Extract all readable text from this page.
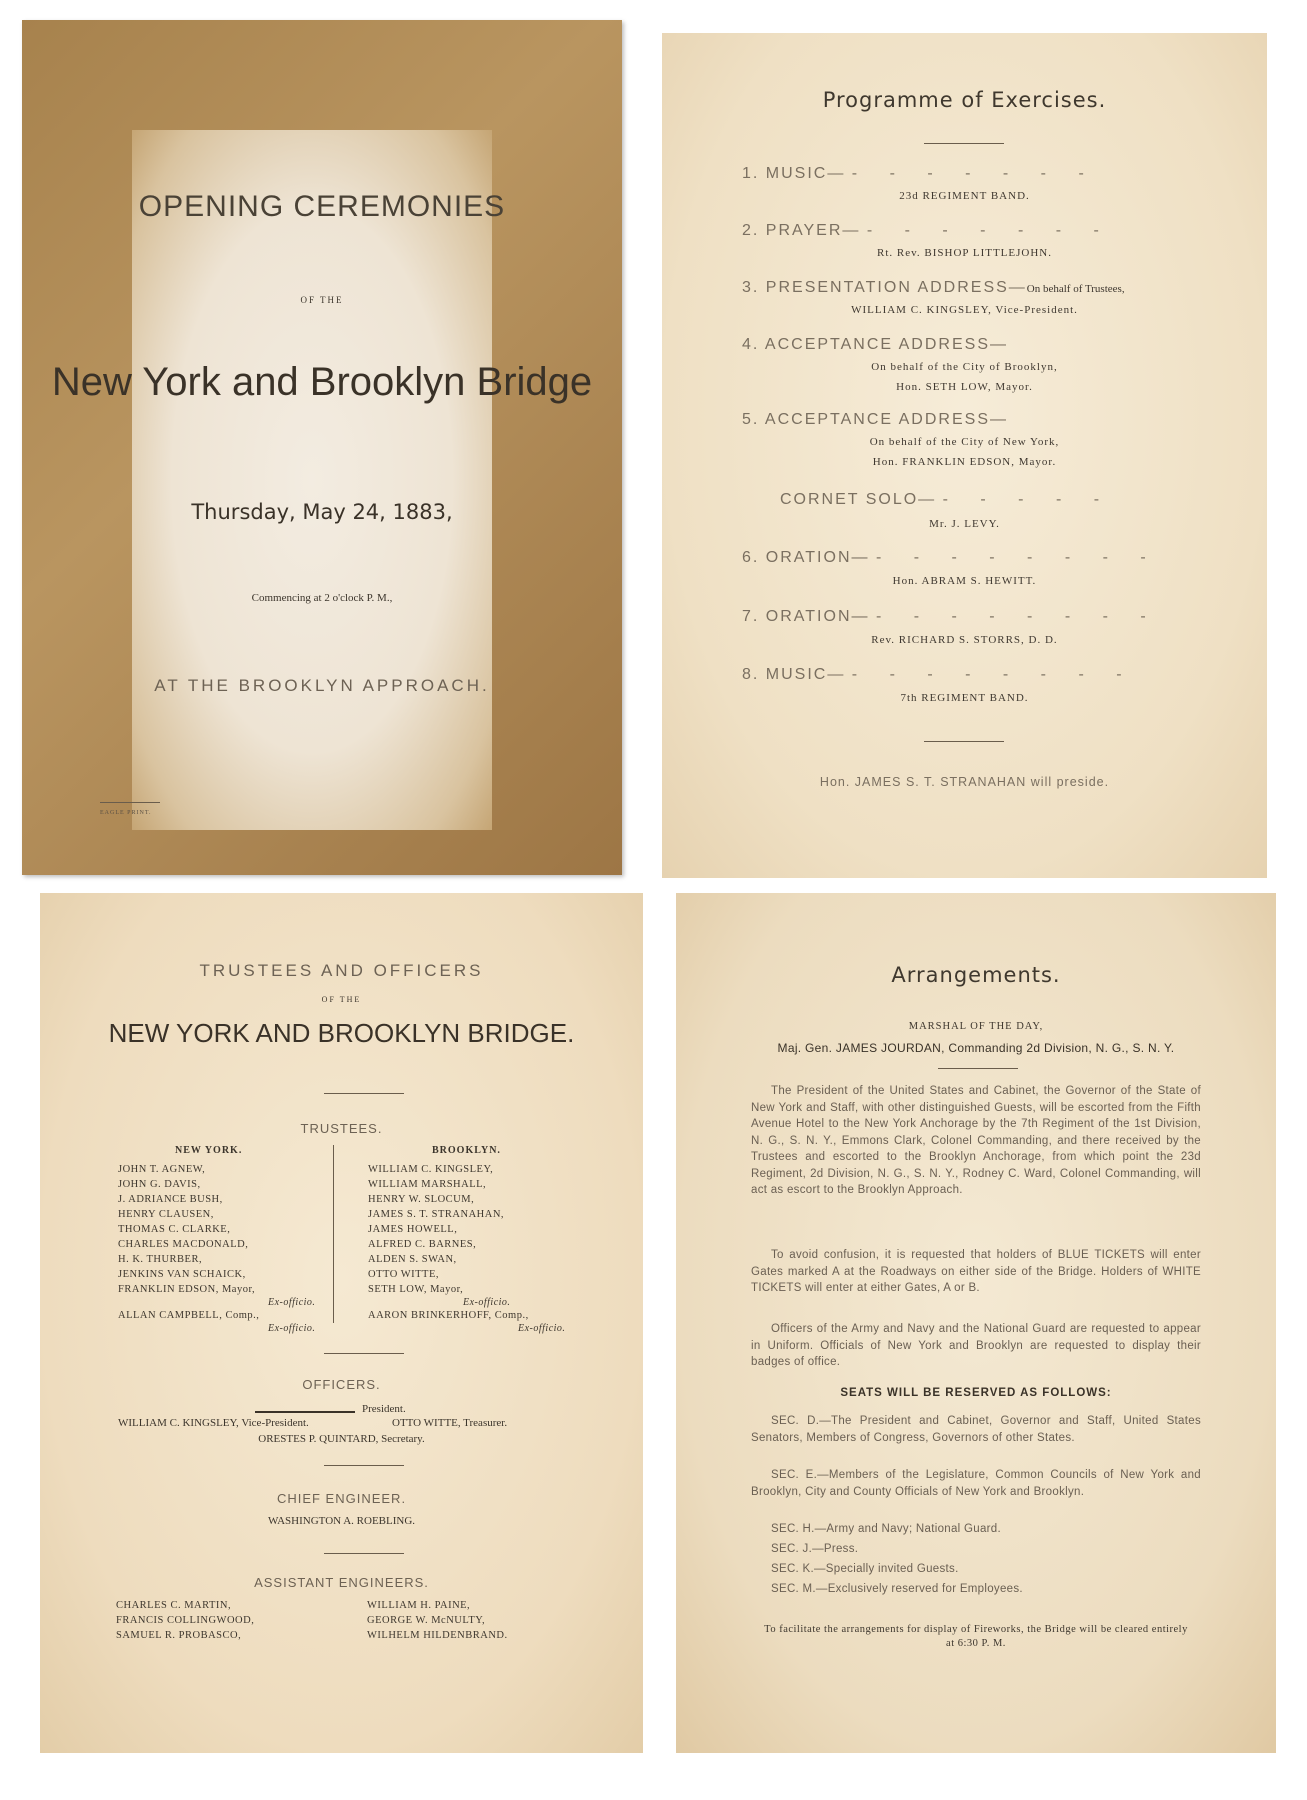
OPENING CEREMONIES
OF THE
New York and Brooklyn Bridge
Thursday, May 24, 1883,
Commencing at 2 o'clock P. M.,
AT THE BROOKLYN APPROACH.
EAGLE PRINT.
Programme of Exercises.
1. MUSIC— - - - - - - -
23d REGIMENT BAND.
2. PRAYER— - - - - - - -
Rt. Rev. BISHOP LITTLEJOHN.
3. PRESENTATION ADDRESS—On behalf of Trustees,
WILLIAM C. KINGSLEY, Vice-President.
4. ACCEPTANCE ADDRESS—
On behalf of the City of Brooklyn,
Hon. SETH LOW, Mayor.
5. ACCEPTANCE ADDRESS—
On behalf of the City of New York,
Hon. FRANKLIN EDSON, Mayor.
CORNET SOLO— - - - - -
Mr. J. LEVY.
6. ORATION— - - - - - - - -
Hon. ABRAM S. HEWITT.
7. ORATION— - - - - - - - -
Rev. RICHARD S. STORRS, D. D.
8. MUSIC— - - - - - - - -
7th REGIMENT BAND.
Hon. JAMES S. T. STRANAHAN will preside.
TRUSTEES AND OFFICERS
OF THE
NEW YORK AND BROOKLYN BRIDGE.
TRUSTEES.
NEW YORK.	BROOKLYN.
JOHN T. AGNEW,
JOHN G. DAVIS,
J. ADRIANCE BUSH,
HENRY CLAUSEN,
THOMAS C. CLARKE,
CHARLES MACDONALD,
H. K. THURBER,
JENKINS VAN SCHAICK,
FRANKLIN EDSON, Mayor,
Ex-officio.
ALLAN CAMPBELL, Comp.,
Ex-officio.
WILLIAM C. KINGSLEY,
WILLIAM MARSHALL,
HENRY W. SLOCUM,
JAMES S. T. STRANAHAN,
JAMES HOWELL,
ALFRED C. BARNES,
ALDEN S. SWAN,
OTTO WITTE,
SETH LOW, Mayor,
Ex-officio.
AARON BRINKERHOFF, Comp.,
Ex-officio.
OFFICERS.
President.
WILLIAM C. KINGSLEY, Vice-President.	OTTO WITTE, Treasurer.
ORESTES P. QUINTARD, Secretary.
CHIEF ENGINEER.
WASHINGTON A. ROEBLING.
ASSISTANT ENGINEERS.
CHARLES C. MARTIN,
FRANCIS COLLINGWOOD,
SAMUEL R. PROBASCO,
WILLIAM H. PAINE,
GEORGE W. McNULTY,
WILHELM HILDENBRAND.
Arrangements.
MARSHAL OF THE DAY,
Maj. Gen. JAMES JOURDAN, Commanding 2d Division, N. G., S. N. Y.
The President of the United States and Cabinet, the Governor of the State of New York and Staff, with other distinguished Guests, will be escorted from the Fifth Avenue Hotel to the New York Anchorage by the 7th Regiment of the 1st Division, N. G., S. N. Y., Emmons Clark, Colonel Commanding, and there received by the Trustees and escorted to the Brooklyn Anchorage, from which point the 23d Regiment, 2d Division, N. G., S. N. Y., Rodney C. Ward, Colonel Commanding, will act as escort to the Brooklyn Approach.
To avoid confusion, it is requested that holders of BLUE TICKETS will enter Gates marked A at the Roadways on either side of the Bridge. Holders of WHITE TICKETS will enter at either Gates, A or B.
Officers of the Army and Navy and the National Guard are requested to appear in Uniform. Officials of New York and Brooklyn are requested to display their badges of office.
SEATS WILL BE RESERVED AS FOLLOWS:
SEC. D.—The President and Cabinet, Governor and Staff, United States Senators, Members of Congress, Governors of other States.
SEC. E.—Members of the Legislature, Common Councils of New York and Brooklyn, City and County Officials of New York and Brooklyn.
SEC. H.—Army and Navy; National Guard.
SEC. J.—Press.
SEC. K.—Specially invited Guests.
SEC. M.—Exclusively reserved for Employees.
To facilitate the arrangements for display of Fireworks, the Bridge will be cleared entirely at 6:30 P. M.
